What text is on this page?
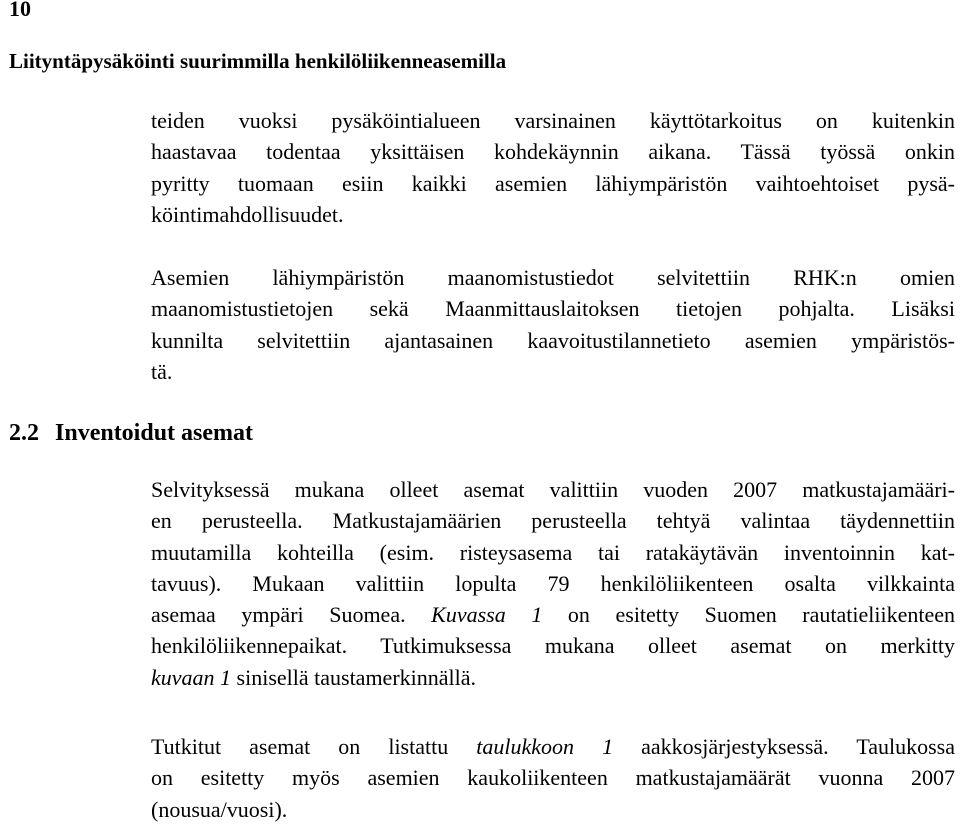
10
Liityntäpysäköinti suurimmilla henkilöliikenneasemilla
teiden vuoksi pysäköintialueen varsinainen käyttötarkoitus on kuitenkin
haastavaa todentaa yksittäisen kohdekäynnin aikana. Tässä työssä onkin
pyritty tuomaan esiin kaikki asemien lähiympäristön vaihtoehtoiset pysä-
köintimahdollisuudet.
Asemien lähiympäristön maanomistustiedot selvitettiin RHK:n omien
maanomistustietojen sekä Maanmittauslaitoksen tietojen pohjalta. Lisäksi
kunnilta selvitettiin ajantasainen kaavoitustilannetieto asemien ympäristös-
tä.
2.2 Inventoidut asemat
Selvityksessä mukana olleet asemat valittiin vuoden 2007 matkustajamääri-
en perusteella. Matkustajamäärien perusteella tehtyä valintaa täydennettiin
muutamilla kohteilla (esim. risteysasema tai ratakäytävän inventoinnin kat-
tavuus). Mukaan valittiin lopulta 79 henkilöliikenteen osalta vilkkainta
asemaa ympäri Suomea. Kuvassa 1 on esitetty Suomen rautatieliikenteen
henkilöliikennepaikat. Tutkimuksessa mukana olleet asemat on merkitty
kuvaan 1 sinisellä taustamerkinnällä.
Tutkitut asemat on listattu taulukkoon 1 aakkosjärjestyksessä. Taulukossa
on esitetty myös asemien kaukoliikenteen matkustajamäärät vuonna 2007
(nousua/vuosi).
